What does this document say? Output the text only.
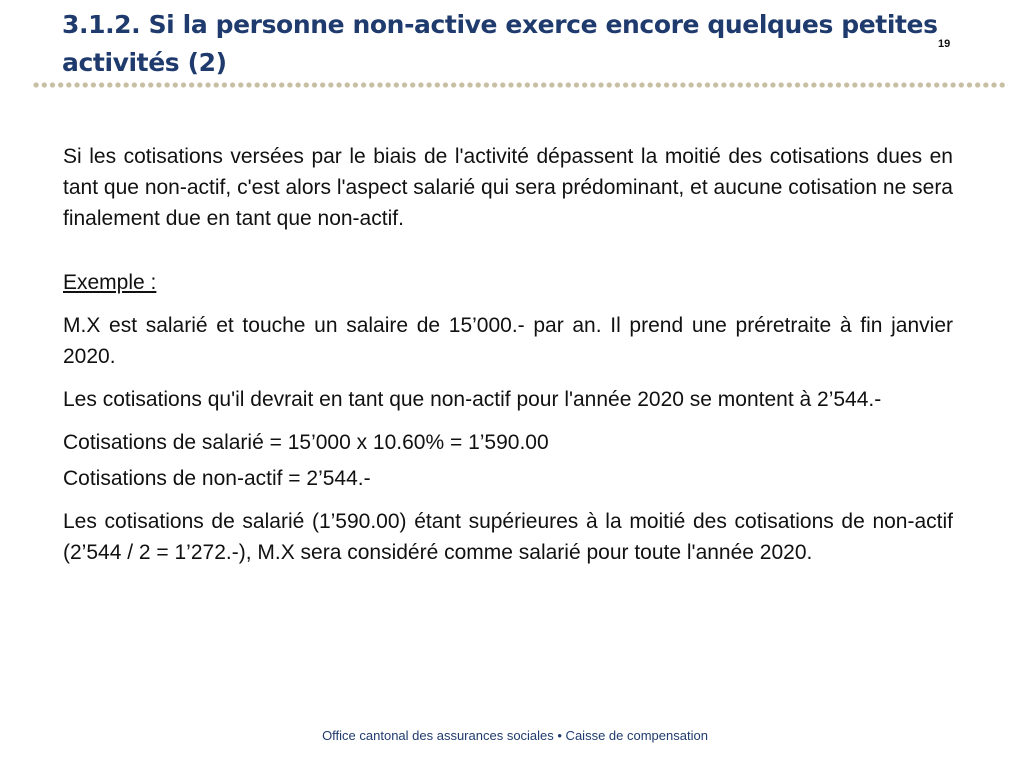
3.1.2. Si la personne non-active exerce encore quelques petites activités (2)
19

Si les cotisations versées par le biais de l'activité dépassent la moitié des cotisations dues en tant que non-actif, c'est alors l'aspect salarié qui sera prédominant, et aucune cotisation ne sera finalement due en tant que non-actif.

Exemple :

M.X est salarié et touche un salaire de 15’000.- par an. Il prend une préretraite à fin janvier 2020.

Les cotisations qu'il devrait en tant que non-actif pour l'année 2020 se montent à 2’544.-

Cotisations de salarié = 15’000 x 10.60% = 1’590.00

Cotisations de non-actif = 2’544.-

Les cotisations de salarié (1’590.00) étant supérieures à la moitié des cotisations de non-actif (2’544 / 2 = 1’272.-), M.X sera considéré comme salarié pour toute l'année 2020.

Office cantonal des assurances sociales • Caisse de compensation
